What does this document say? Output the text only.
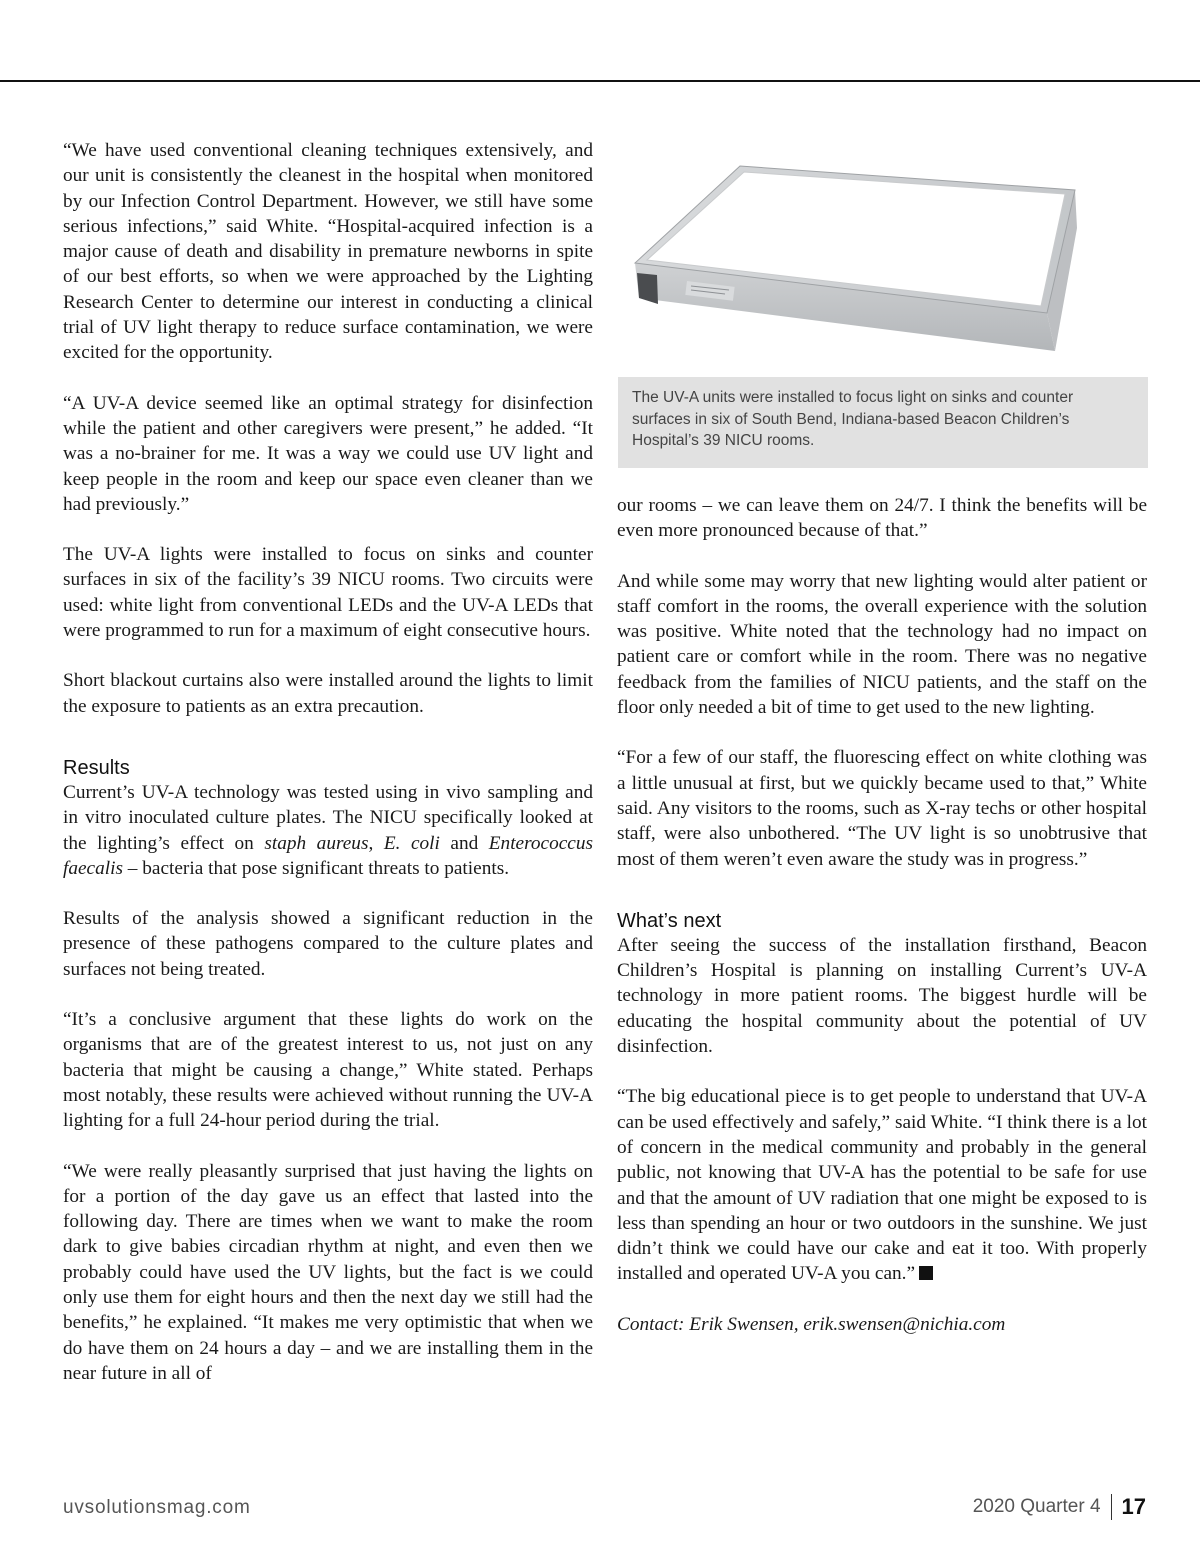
“We have used conventional cleaning techniques extensively, and our unit is consistently the cleanest in the hospital when monitored by our Infection Control Department. However, we still have some serious infections,” said White. “Hospital-acquired infection is a major cause of death and disability in premature newborns in spite of our best efforts, so when we were approached by the Lighting Research Center to determine our interest in conducting a clinical trial of UV light therapy to reduce surface contamination, we were excited for the opportunity.

“A UV-A device seemed like an optimal strategy for disinfection while the patient and other caregivers were present,” he added. “It was a no-brainer for me. It was a way we could use UV light and keep people in the room and keep our space even cleaner than we had previously.”

The UV-A lights were installed to focus on sinks and counter surfaces in six of the facility’s 39 NICU rooms. Two circuits were used: white light from conventional LEDs and the UV-A LEDs that were programmed to run for a maximum of eight consecutive hours.

Short blackout curtains also were installed around the lights to limit the exposure to patients as an extra precaution.

Results

Current’s UV-A technology was tested using in vivo sampling and in vitro inoculated culture plates. The NICU specifically looked at the lighting’s effect on staph aureus, E. coli and Enterococcus faecalis – bacteria that pose significant threats to patients.

Results of the analysis showed a significant reduction in the presence of these pathogens compared to the culture plates and surfaces not being treated.

“It’s a conclusive argument that these lights do work on the organisms that are of the greatest interest to us, not just on any bacteria that might be causing a change,” White stated. Perhaps most notably, these results were achieved without running the UV-A lighting for a full 24-hour period during the trial.

“We were really pleasantly surprised that just having the lights on for a portion of the day gave us an effect that lasted into the following day. There are times when we want to make the room dark to give babies circadian rhythm at night, and even then we probably could have used the UV lights, but the fact is we could only use them for eight hours and then the next day we still had the benefits,” he explained. “It makes me very optimistic that when we do have them on 24 hours a day – and we are installing them in the near future in all of

The UV-A units were installed to focus light on sinks and counter surfaces in six of South Bend, Indiana-based Beacon Children’s Hospital’s 39 NICU rooms.

our rooms – we can leave them on 24/7. I think the benefits will be even more pronounced because of that.”

And while some may worry that new lighting would alter patient or staff comfort in the rooms, the overall experience with the solution was positive. White noted that the technology had no impact on patient care or comfort while in the room. There was no negative feedback from the families of NICU patients, and the staff on the floor only needed a bit of time to get used to the new lighting.

“For a few of our staff, the fluorescing effect on white clothing was a little unusual at first, but we quickly became used to that,” White said. Any visitors to the rooms, such as X-ray techs or other hospital staff, were also unbothered. “The UV light is so unobtrusive that most of them weren’t even aware the study was in progress.”

What’s next

After seeing the success of the installation firsthand, Beacon Children’s Hospital is planning on installing Current’s UV-A technology in more patient rooms. The biggest hurdle will be educating the hospital community about the potential of UV disinfection.

“The big educational piece is to get people to understand that UV-A can be used effectively and safely,” said White. “I think there is a lot of concern in the medical community and probably in the general public, not knowing that UV-A has the potential to be safe for use and that the amount of UV radiation that one might be exposed to is less than spending an hour or two outdoors in the sunshine. We just didn’t think we could have our cake and eat it too. With properly installed and operated UV-A you can.”

Contact: Erik Swensen, erik.swensen@nichia.com

uvsolutionsmag.com	2020 Quarter 4 17
